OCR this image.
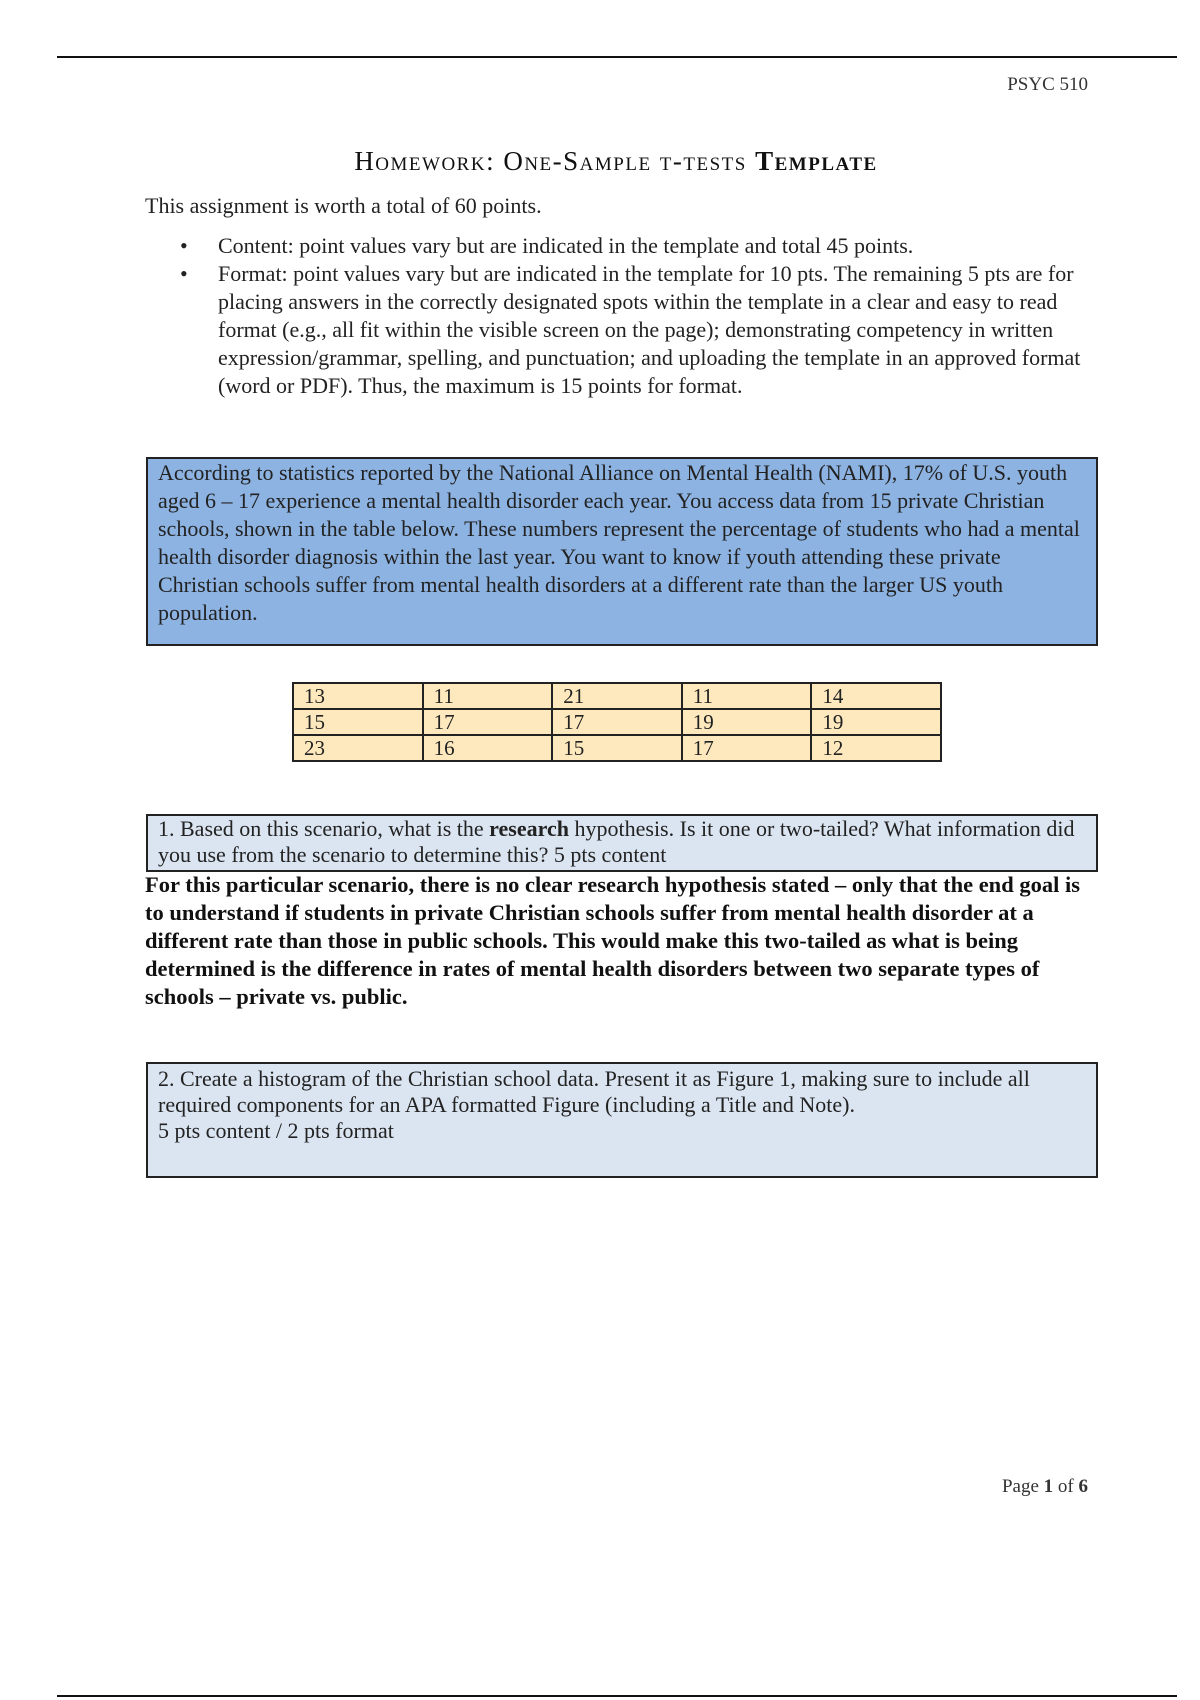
PSYC 510
Homework: One-Sample t-tests Template
This assignment is worth a total of 60 points.
• Content: point values vary but are indicated in the template and total 45 points.
• Format: point values vary but are indicated in the template for 10 pts. The remaining 5 pts are for placing answers in the correctly designated spots within the template in a clear and easy to read format (e.g., all fit within the visible screen on the page); demonstrating competency in written expression/grammar, spelling, and punctuation; and uploading the template in an approved format (word or PDF). Thus, the maximum is 15 points for format.

According to statistics reported by the National Alliance on Mental Health (NAMI), 17% of U.S. youth aged 6 – 17 experience a mental health disorder each year. You access data from 15 private Christian schools, shown in the table below. These numbers represent the percentage of students who had a mental health disorder diagnosis within the last year. You want to know if youth attending these private Christian schools suffer from mental health disorders at a different rate than the larger US youth population.

13	11	21	11	14
15	17	17	19	19
23	16	15	17	12
1. Based on this scenario, what is the research hypothesis. Is it one or two-tailed? What information did you use from the scenario to determine this? 5 pts content
For this particular scenario, there is no clear research hypothesis stated – only that the end goal is to understand if students in private Christian schools suffer from mental health disorder at a different rate than those in public schools. This would make this two-tailed as what is being determined is the difference in rates of mental health disorders between two separate types of schools – private vs. public.
2. Create a histogram of the Christian school data. Present it as Figure 1, making sure to include all required components for an APA formatted Figure (including a Title and Note).
5 pts content / 2 pts format
Page 1 of 6
